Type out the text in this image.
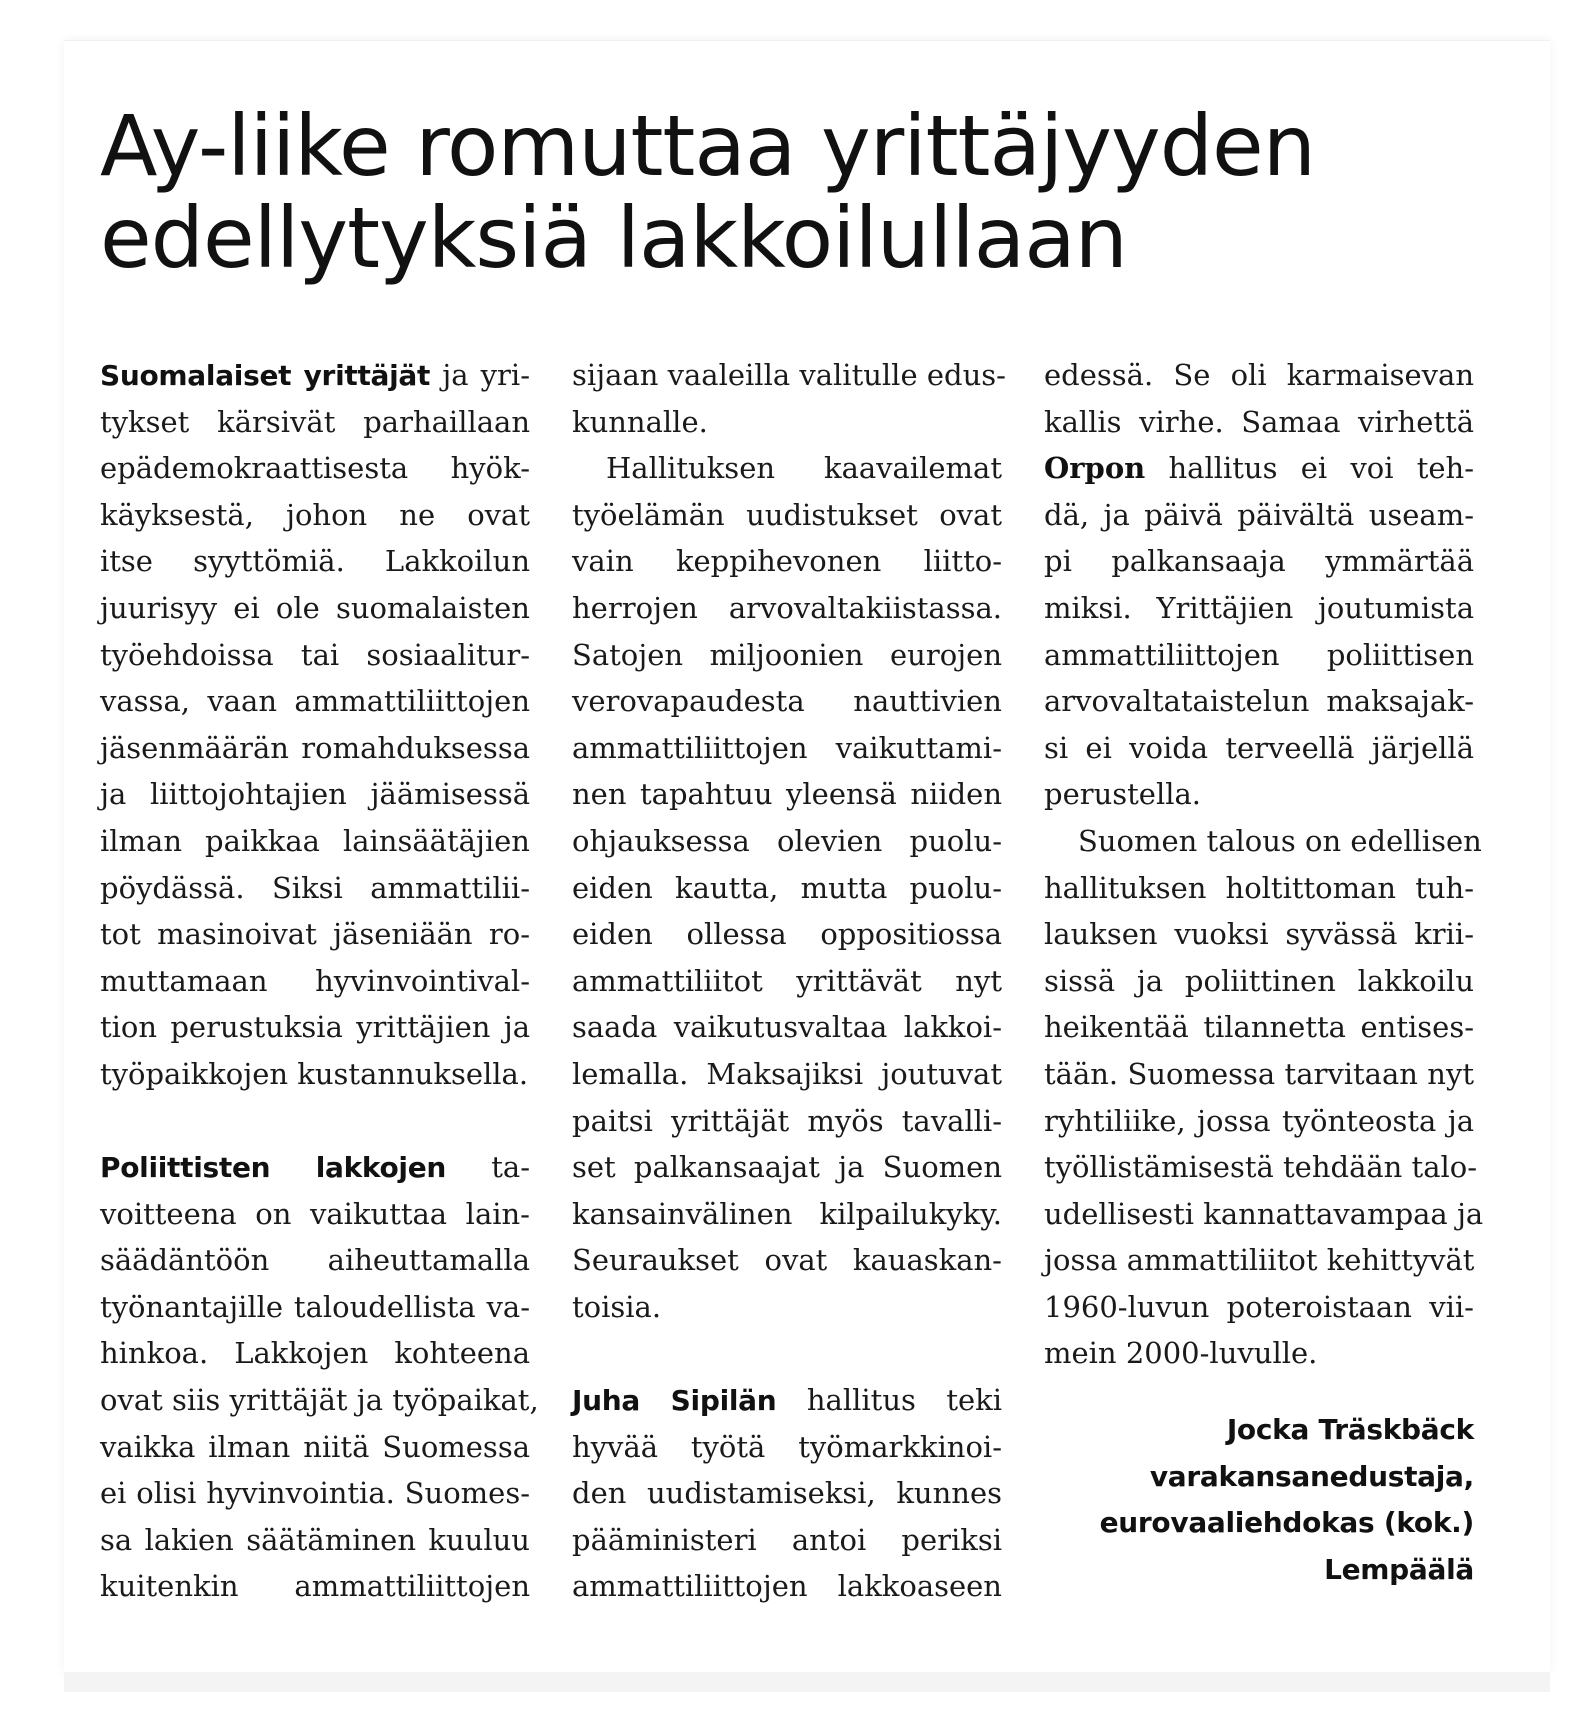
Ay-liike romuttaa yrittäjyyden
edellytyksiä lakkoilullaan
Suomalaiset yrittäjät ja yri-
tykset kärsivät parhaillaan
epädemokraattisesta hyök-
käyksestä, johon ne ovat
itse syyttömiä. Lakkoilun
juurisyy ei ole suomalaisten
työehdoissa tai sosiaalitur-
vassa, vaan ammattiliittojen
jäsenmäärän romahduksessa
ja liittojohtajien jäämisessä
ilman paikkaa lainsäätäjien
pöydässä. Siksi ammattilii-
tot masinoivat jäseniään ro-
muttamaan hyvinvointival-
tion perustuksia yrittäjien ja
työpaikkojen kustannuksella.
Poliittisten lakkojen ta-
voitteena on vaikuttaa lain-
säädäntöön aiheuttamalla
työnantajille taloudellista va-
hinkoa. Lakkojen kohteena
ovat siis yrittäjät ja työpaikat,
vaikka ilman niitä Suomessa
ei olisi hyvinvointia. Suomes-
sa lakien säätäminen kuuluu
kuitenkin ammattiliittojen
sijaan vaaleilla valitulle edus-
kunnalle.
Hallituksen kaavailemat
työelämän uudistukset ovat
vain keppihevonen liitto-
herrojen arvovaltakiistassa.
Satojen miljoonien eurojen
verovapaudesta nauttivien
ammattiliittojen vaikuttami-
nen tapahtuu yleensä niiden
ohjauksessa olevien puolu-
eiden kautta, mutta puolu-
eiden ollessa oppositiossa
ammattiliitot yrittävät nyt
saada vaikutusvaltaa lakkoi-
lemalla. Maksajiksi joutuvat
paitsi yrittäjät myös tavalli-
set palkansaajat ja Suomen
kansainvälinen kilpailukyky.
Seuraukset ovat kauaskan-
toisia.
Juha Sipilän hallitus teki
hyvää työtä työmarkkinoi-
den uudistamiseksi, kunnes
pääministeri antoi periksi
ammattiliittojen lakkoaseen
edessä. Se oli karmaisevan
kallis virhe. Samaa virhettä
Orpon hallitus ei voi teh-
dä, ja päivä päivältä useam-
pi palkansaaja ymmärtää
miksi. Yrittäjien joutumista
ammattiliittojen poliittisen
arvovaltataistelun maksajak-
si ei voida terveellä järjellä
perustella.
Suomen talous on edellisen
hallituksen holtittoman tuh-
lauksen vuoksi syvässä krii-
sissä ja poliittinen lakkoilu
heikentää tilannetta entises-
tään. Suomessa tarvitaan nyt
ryhtiliike, jossa työnteosta ja
työllistämisestä tehdään talo-
udellisesti kannattavampaa ja
jossa ammattiliitot kehittyvät
1960-luvun poteroistaan vii-
mein 2000-luvulle.
Jocka Träskbäck
varakansanedustaja,
eurovaaliehdokas (kok.)
Lempäälä
